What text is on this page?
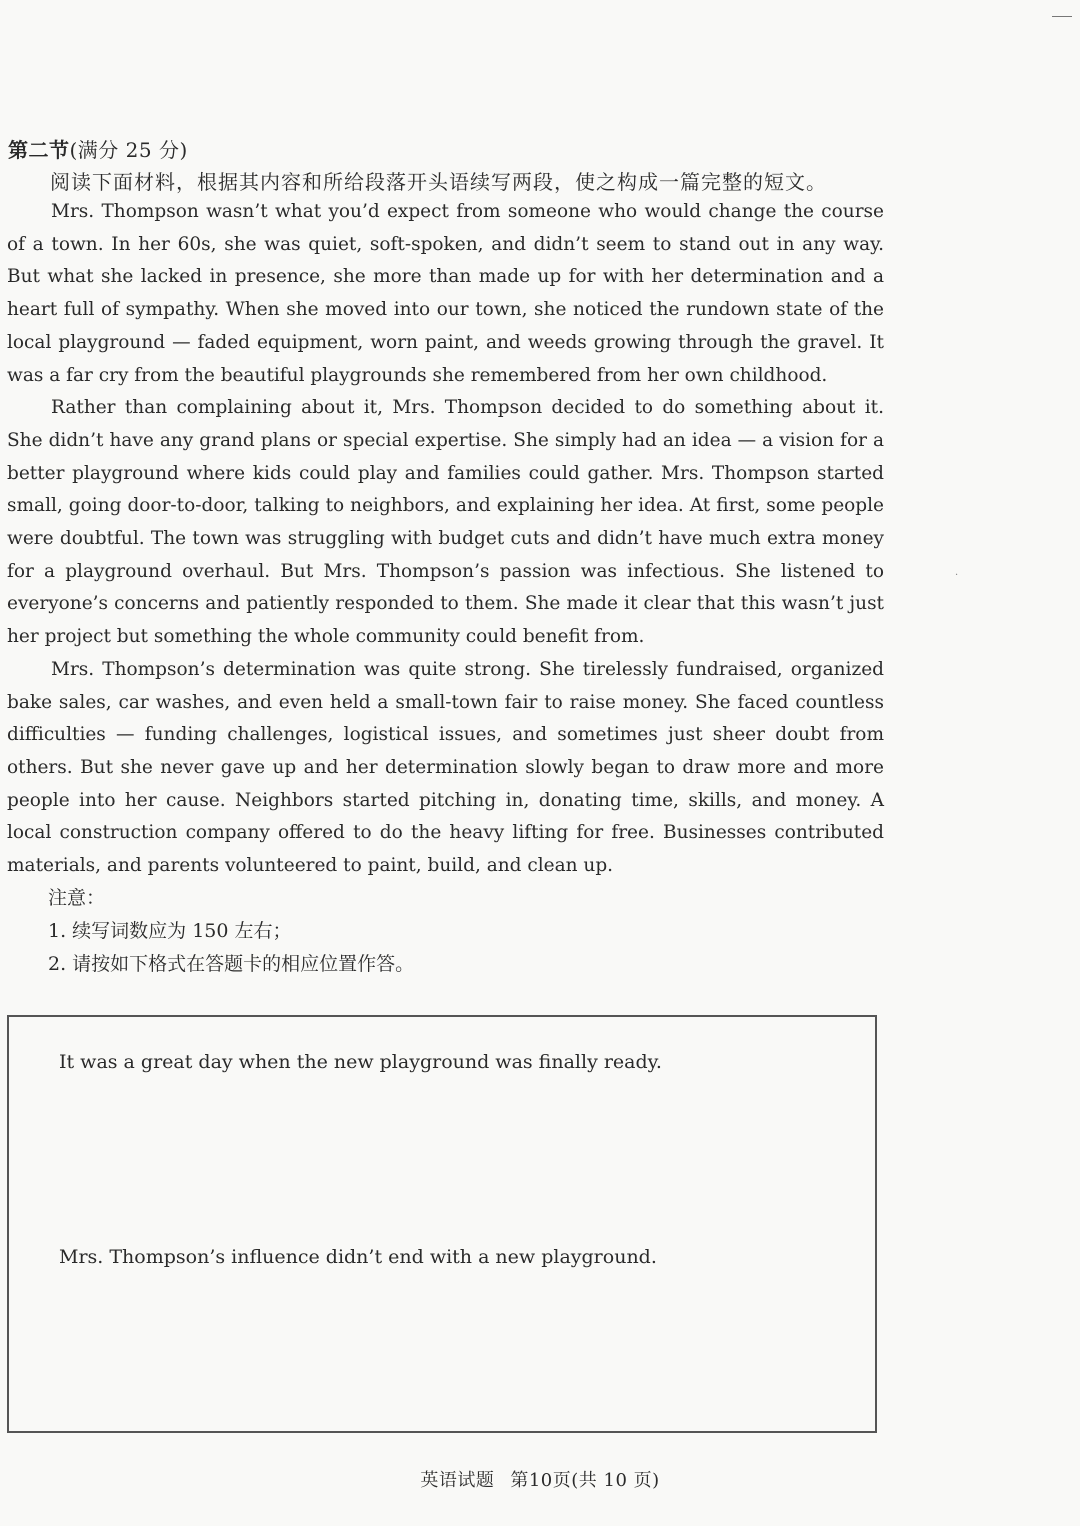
第二节(满分 25 分)
阅读下面材料，根据其内容和所给段落开头语续写两段，使之构成一篇完整的短文。

Mrs. Thompson wasn’t what you’d expect from someone who would change the course of a town. In her 60s, she was quiet, soft-spoken, and didn’t seem to stand out in any way. But what she lacked in presence, she more than made up for with her determination and a heart full of sympathy. When she moved into our town, she noticed the rundown state of the local playground — faded equipment, worn paint, and weeds growing through the gravel. It was a far cry from the beautiful playgrounds she remembered from her own childhood.

Rather than complaining about it, Mrs. Thompson decided to do something about it. She didn’t have any grand plans or special expertise. She simply had an idea — a vision for a better playground where kids could play and families could gather. Mrs. Thompson started small, going door-to-door, talking to neighbors, and explaining her idea. At first, some people were doubtful. The town was struggling with budget cuts and didn’t have much extra money for a playground overhaul. But Mrs. Thompson’s passion was infectious. She listened to everyone’s concerns and patiently responded to them. She made it clear that this wasn’t just her project but something the whole community could benefit from.

Mrs. Thompson’s determination was quite strong. She tirelessly fundraised, organized bake sales, car washes, and even held a small-town fair to raise money. She faced countless difficulties — funding challenges, logistical issues, and sometimes just sheer doubt from others. But she never gave up and her determination slowly began to draw more and more people into her cause. Neighbors started pitching in, donating time, skills, and money. A local construction company offered to do the heavy lifting for free. Businesses contributed materials, and parents volunteered to paint, build, and clean up.

·
注意：
1. 续写词数应为 150 左右；
2. 请按如下格式在答题卡的相应位置作答。
It was a great day when the new playground was finally ready.
Mrs. Thompson’s influence didn’t end with a new playground.
英语试题 第10页(共 10 页)
